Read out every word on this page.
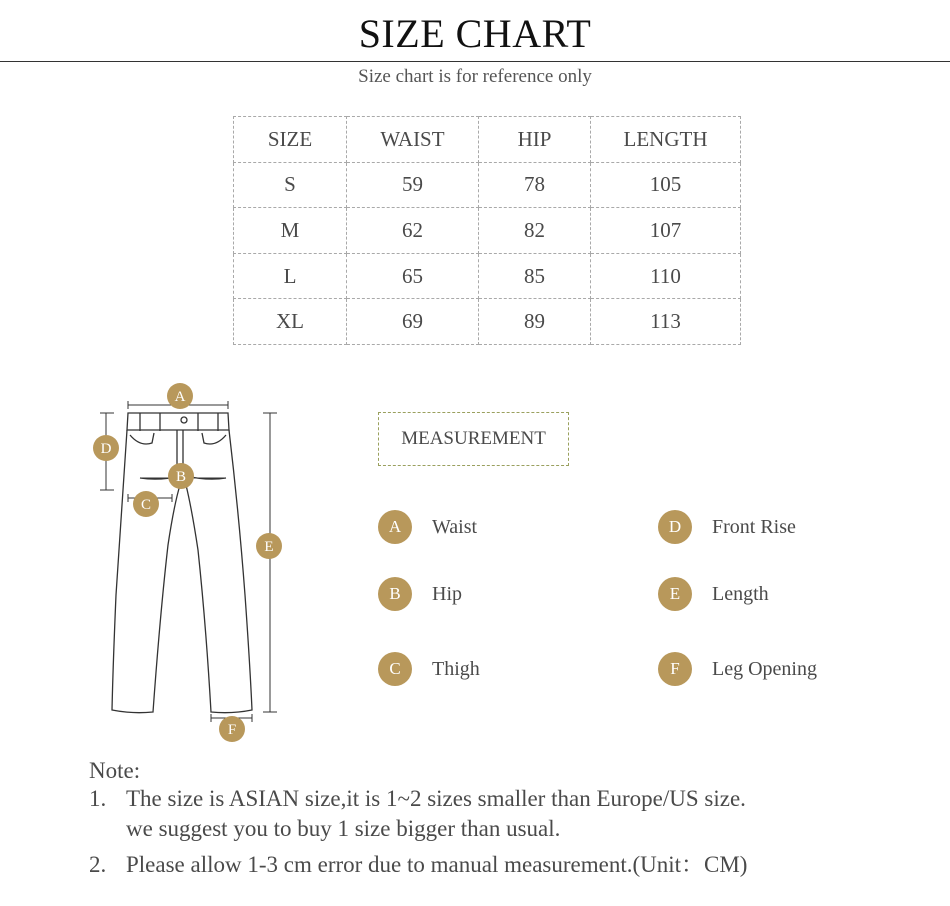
SIZE CHART
Size chart is for reference only
SIZE	WAIST	HIP	LENGTH
S	59	78	105
M	62	82	107
L	65	85	110
XL	69	89	113
A
D
B
C
E
F
MEASUREMENT
A	Waist
B	Hip
C	Thigh
D	Front Rise
E	Length
F	Leg Opening
Note:
1. The size is ASIAN size,it is 1~2 sizes smaller than Europe/US size.
we suggest you to buy 1 size bigger than usual.
2. Please allow 1-3 cm error due to manual measurement.(Unit：CM)
